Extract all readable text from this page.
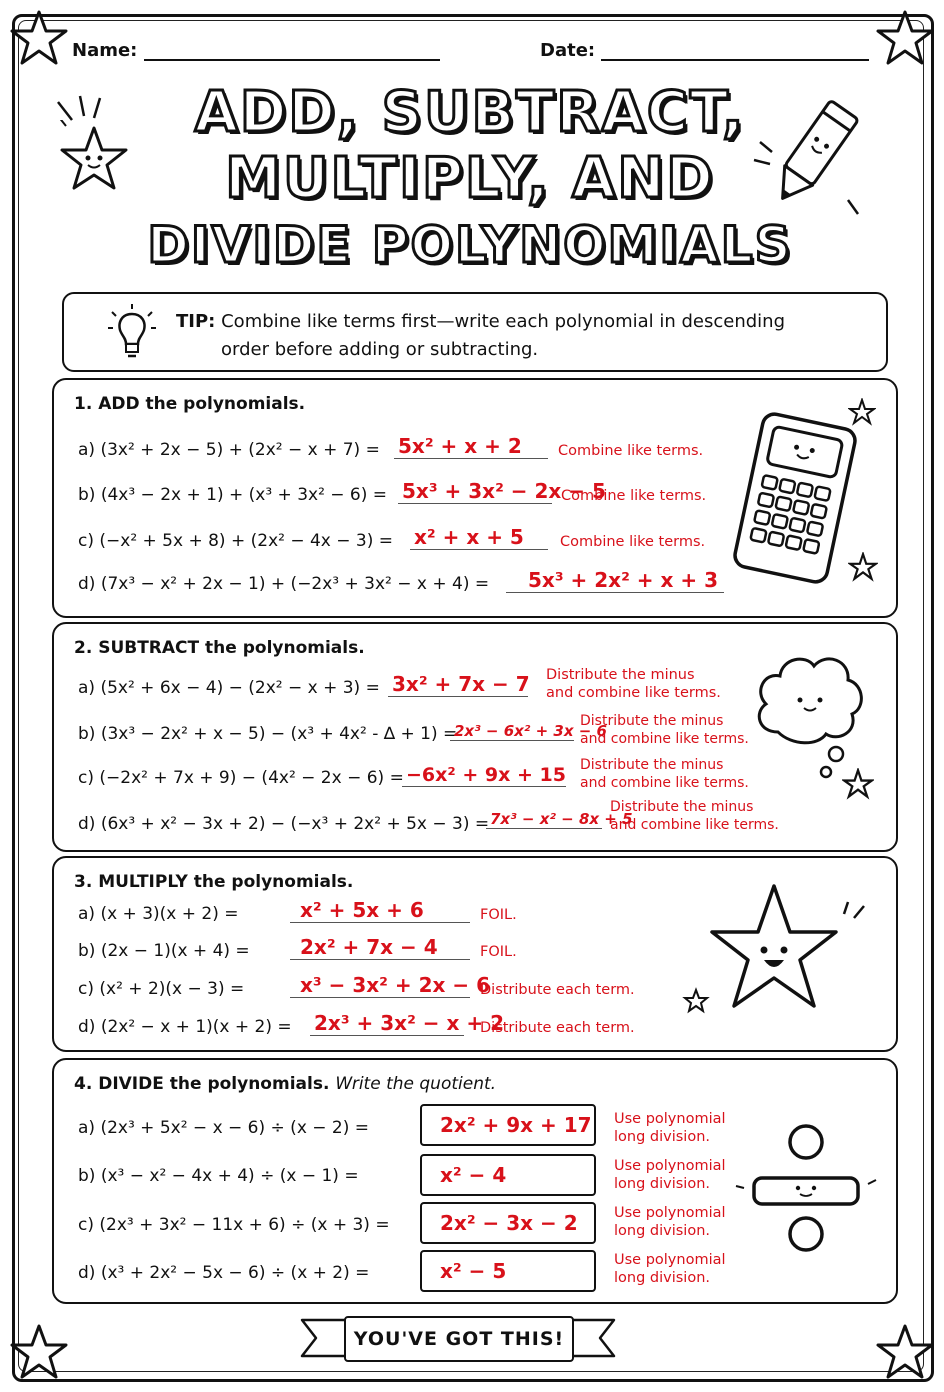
Name:	Date:
ADD, SUBTRACT,
MULTIPLY, AND
DIVIDE POLYNOMIALS
TIP: Combine like terms first—write each polynomial in descending
order before adding or subtracting.
1. ADD the polynomials.
a) (3x² + 2x − 5) + (2x² − x + 7) = 5x² + x + 2	Combine like terms.
b) (4x³ − 2x + 1) + (x³ + 3x² − 6) = 5x³ + 3x² − 2x − 5
Combine like terms.
c) (−x² + 5x + 8) + (2x² − 4x − 3) = x² + x + 5	Combine like terms.
d) (7x³ − x² + 2x − 1) + (−2x³ + 3x² − x + 4) =	5x³ + 2x² + x + 3
2. SUBTRACT the polynomials.
a) (5x² + 6x − 4) − (2x² − x + 3) = 3x² + 7x − 7 Distribute the minus
and combine like terms.
b) (3x³ − 2x² + x − 5) − (x³ + 4x² - ∆ + 1) =
2x³ − 6x² + 3x − 6
Distribute the minus
and combine like terms.
c) (−2x² + 7x + 9) − (4x² − 2x − 6) = −6x² + 9x + 15 Distribute the minus
and combine like terms.
d) (6x³ + x² − 3x + 2) − (−x³ + 2x² + 5x − 3) = 7x³ − x² − 8x + 5
Distribute the minus
and combine like terms.
3. MULTIPLY the polynomials.
a) (x + 3)(x + 2) =	x² + 5x + 6	FOIL.
b) (2x − 1)(x + 4) =	2x² + 7x − 4	FOIL.
c) (x² + 2)(x − 3) =	x³ − 3x² + 2x − 6
Distribute each term.
d) (2x² − x + 1)(x + 2) = 2x³ + 3x² − x + 2
Distribute each term.
4. DIVIDE the polynomials. Write the quotient.
a) (2x³ + 5x² − x − 6) ÷ (x − 2) =	2x² + 9x + 17	Use polynomial
long division.
b) (x³ − x² − 4x + 4) ÷ (x − 1) =	x² − 4	Use polynomial
long division.
c) (2x³ + 3x² − 11x + 6) ÷ (x + 3) =	2x² − 3x − 2	Use polynomial
long division.
d) (x³ + 2x² − 5x − 6) ÷ (x + 2) =	x² − 5	Use polynomial
long division.
YOU'VE GOT THIS!
